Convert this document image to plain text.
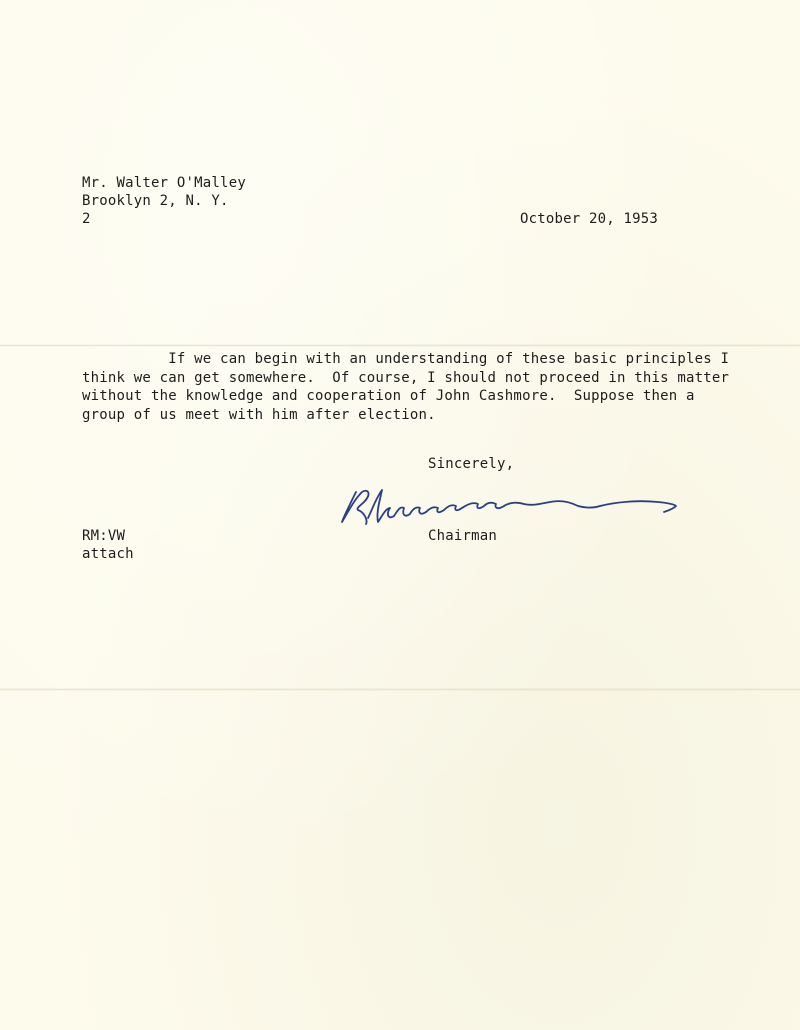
Mr. Walter O'Malley
Brooklyn 2, N. Y.
2	October 20, 1953
If we can begin with an understanding of these basic principles I
think we can get somewhere.  Of course, I should not proceed in this matter
without the knowledge and cooperation of John Cashmore.  Suppose then a
group of us meet with him after election.
Sincerely,
Chairman
RM:VW
attach
